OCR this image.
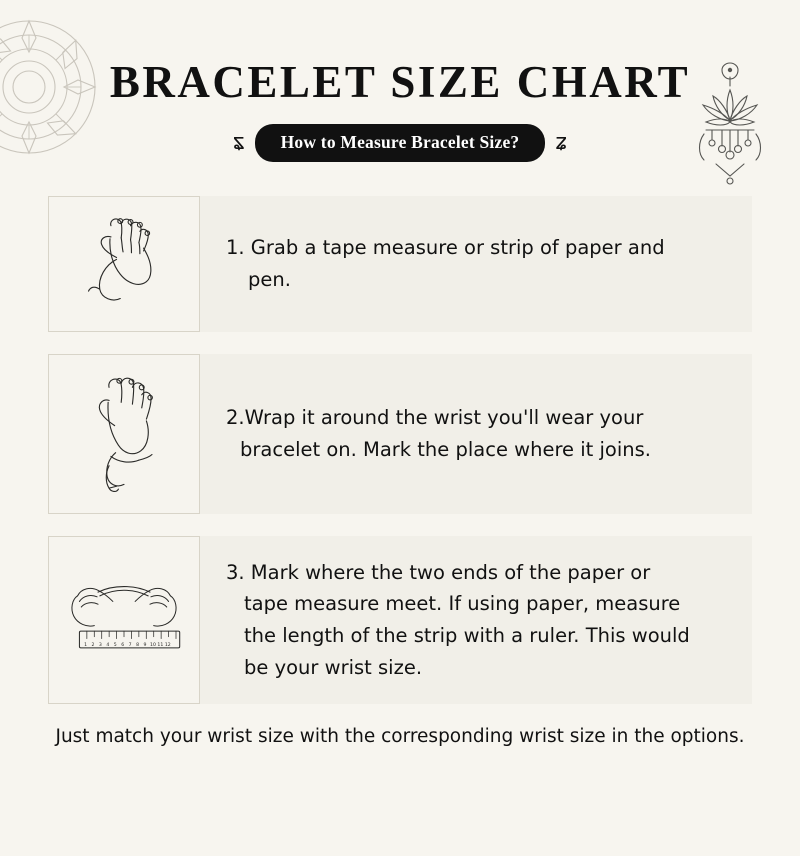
BRACELET SIZE CHART
ʑ	How to Measure Bracelet Size?	ʑ
1. Grab a tape measure or strip of paper and
pen.
2.Wrap it around the wrist you'll wear your
bracelet on. Mark the place where it joins.
1 2 3 4 5 6 7 8 9 10 11 12
3. Mark where the two ends of the paper or
tape measure meet. If using paper, measure
the length of the strip with a ruler. This would
be your wrist size.
Just match your wrist size with the corresponding wrist size in the options.
